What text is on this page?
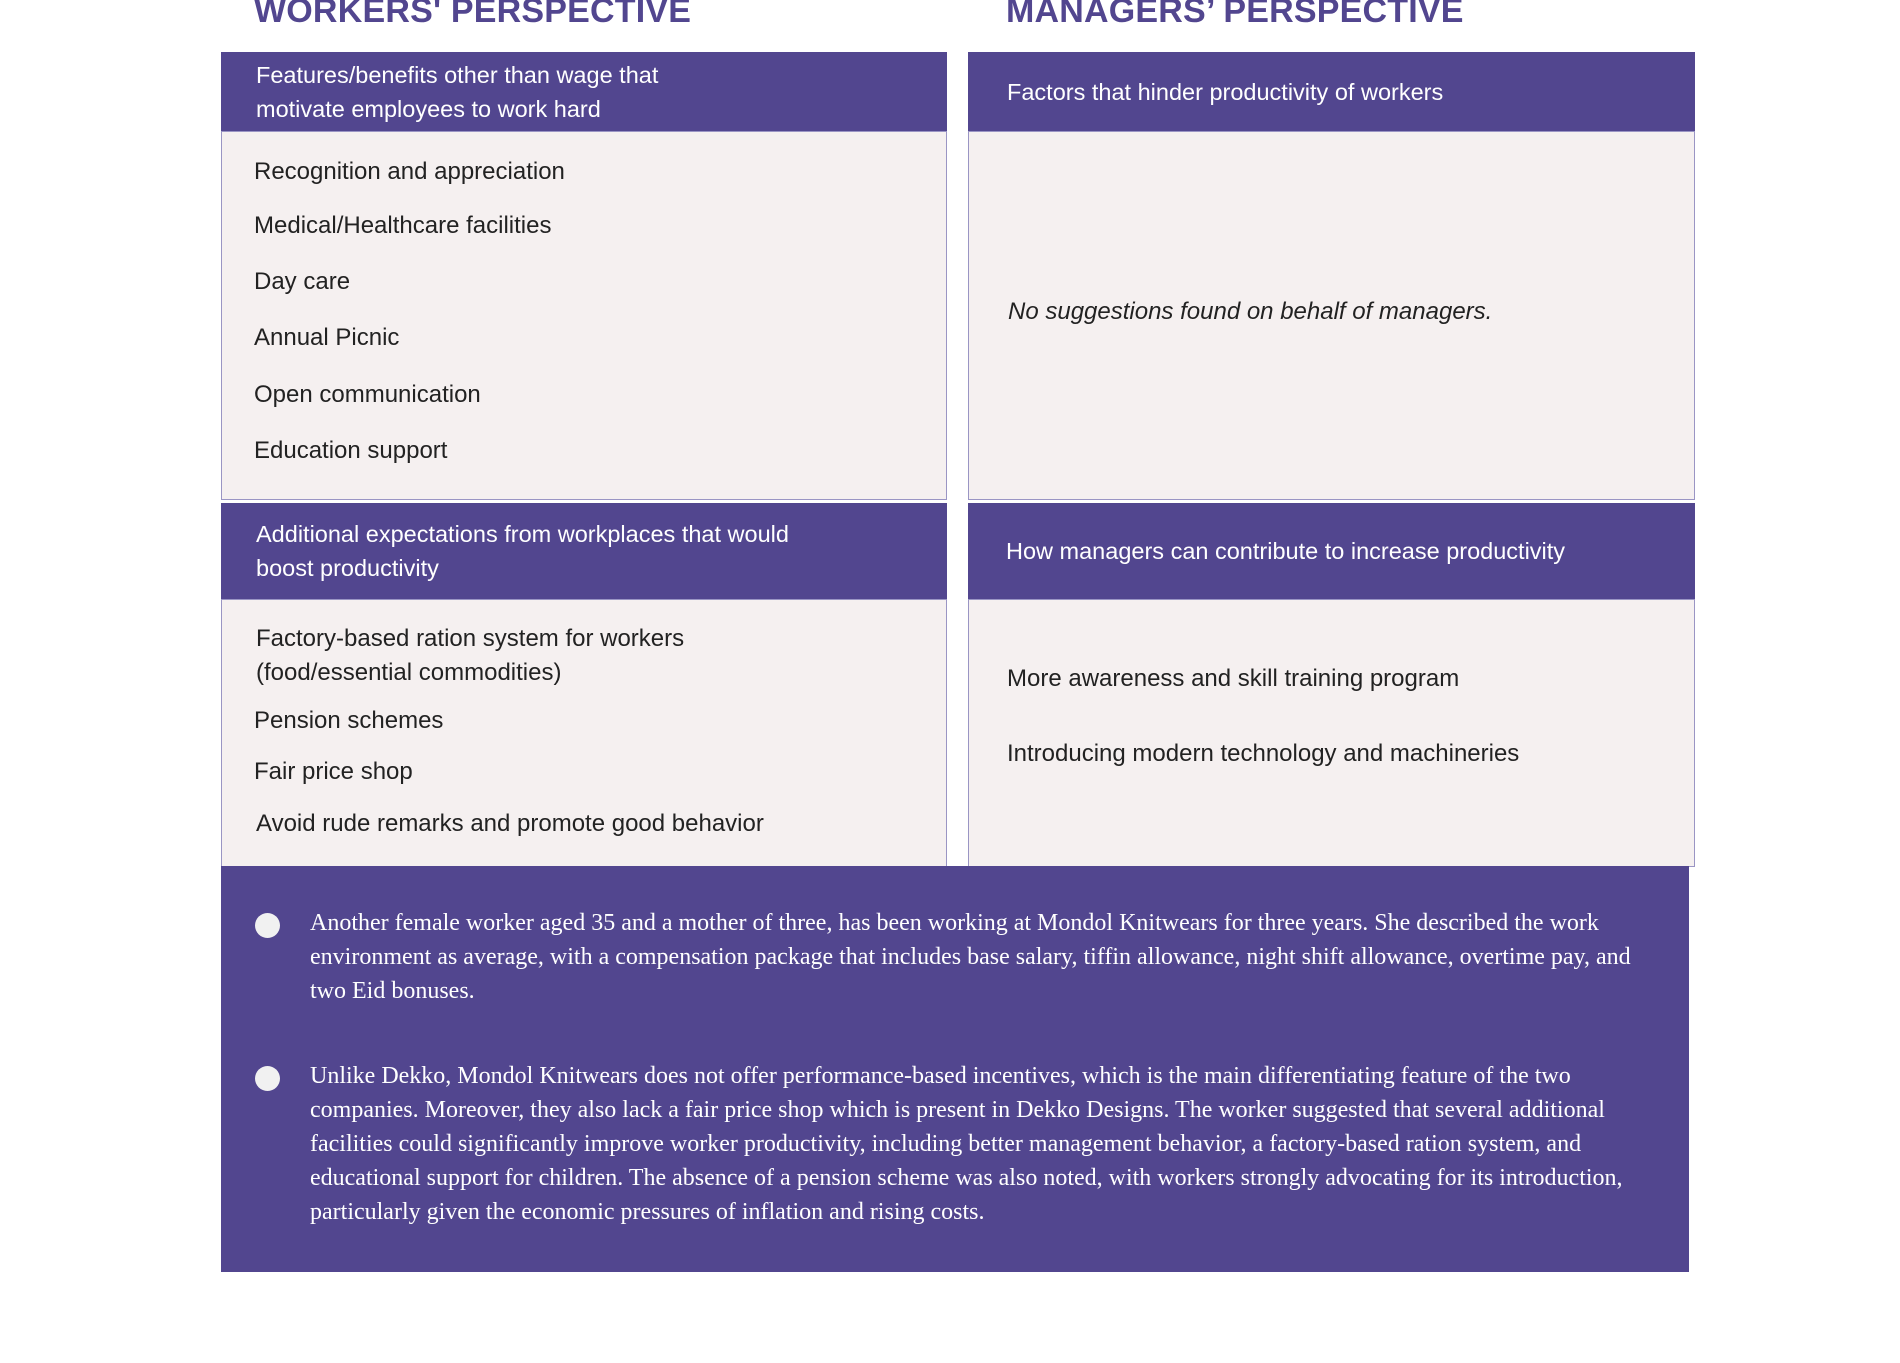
WORKERS' PERSPECTIVE	MANAGERS’ PERSPECTIVE
Features/benefits other than wage that
motivate employees to work hard

Recognition and appreciation

Medical/Healthcare facilities

Day care

Annual Picnic

Open communication

Education support

Factors that hinder productivity of workers

No suggestions found on behalf of managers.

Additional expectations from workplaces that would
boost productivity

Factory-based ration system for workers

(food/essential commodities)

Pension schemes

Fair price shop

Avoid rude remarks and promote good behavior

How managers can contribute to increase productivity

More awareness and skill training program

Introducing modern technology and machineries

Another female worker aged 35 and a mother of three, has been working at Mondol Knitwears for three years. She described the work environment as average, with a compensation package that includes base salary, tiffin allowance, night shift allowance, overtime pay, and two Eid bonuses.

Unlike Dekko, Mondol Knitwears does not offer performance-based incentives, which is the main differentiating feature of the two companies. Moreover, they also lack a fair price shop which is present in Dekko Designs. The worker suggested that several additional facilities could significantly improve worker productivity, including better management behavior, a factory-based ration system, and educational support for children. The absence of a pension scheme was also noted, with workers strongly advocating for its introduction, particularly given the economic pressures of inflation and rising costs.
